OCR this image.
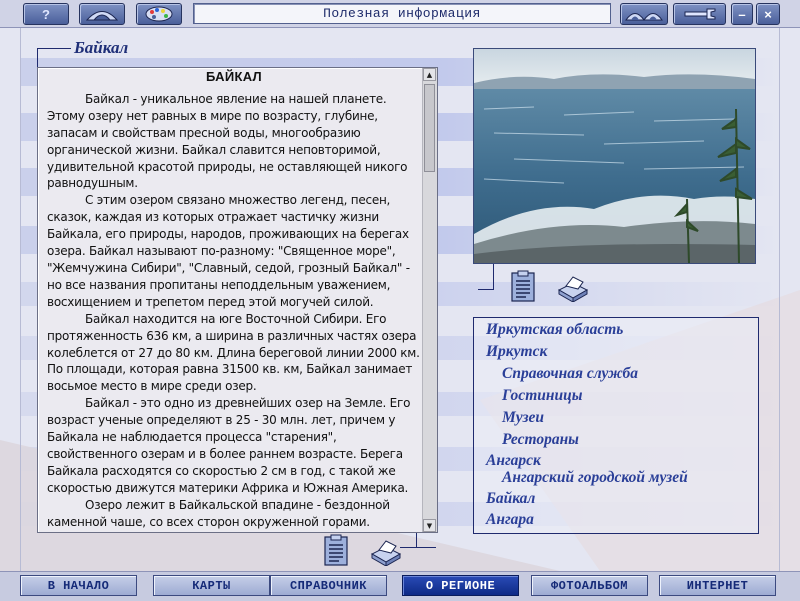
?	Полезная информация	– ×
Байкал
БАЙКАЛ

Байкал - уникальное явление на нашей планете. Этому озеру нет равных в мире по возрасту, глубине, запасам и свойствам пресной воды, многообразию органической жизни. Байкал славится неповторимой, удивительной красотой природы, не оставляющей никого равнодушным.

С этим озером связано множество легенд, песен, сказок, каждая из которых отражает частичку жизни Байкала, его природы, народов, проживающих на берегах озера. Байкал называют по-разному: "Священное море", "Жемчужина Сибири", "Славный, седой, грозный Байкал" - но все названия пропитаны неподдельным уважением, восхищением и трепетом перед этой могучей силой.

Байкал находится на юге Восточной Сибири. Его протяженность 636 км, а ширина в различных частях озера колеблется от 27 до 80 км. Длина береговой линии 2000 км. По площади, которая равна 31500 кв. км, Байкал занимает восьмое место в мире среди озер.

Байкал - это одно из древнейших озер на Земле. Его возраст ученые определяют в 25 - 30 млн. лет, причем у Байкала не наблюдается процесса "старения", свойственного озерам и в более раннем возрасте. Берега Байкала расходятся со скоростью 2 см в год, с такой же скоростью движутся материки Африка и Южная Америка.

Озеро лежит в Байкальской впадине - бездонной каменной чаше, со всех сторон окруженной горами.

▲
▼
Иркутская область
Иркутск
Справочная служба
Гостиницы
Музеи
Рестораны
Ангарск
Ангарский городской музей
Байкал
Ангара
В НАЧАЛО	КАРТЫ	СПРАВОЧНИК	О РЕГИОНЕ	ФОТОАЛЬБОМ	ИНТЕРНЕТ
